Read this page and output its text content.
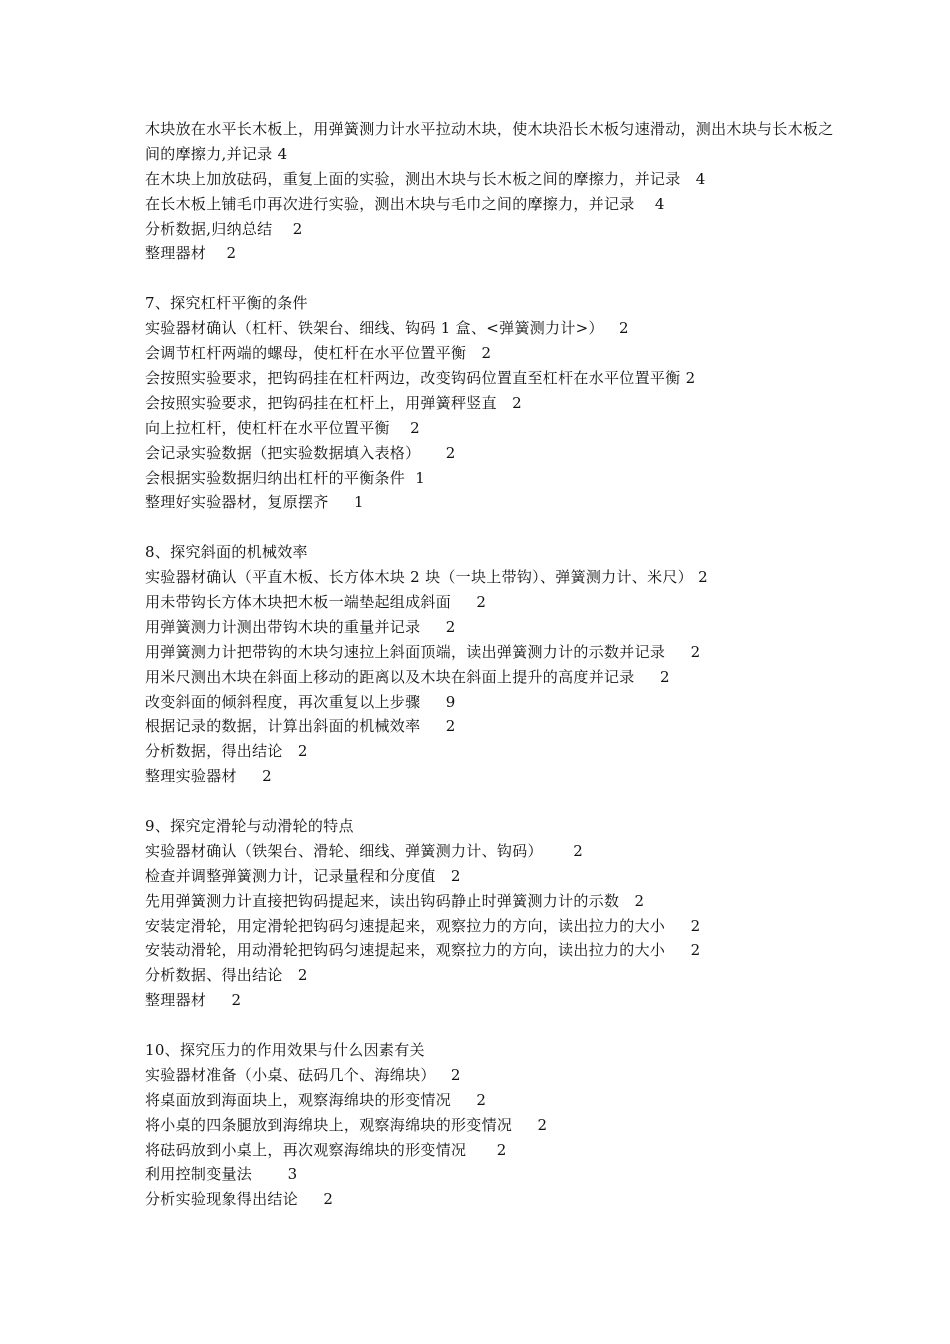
木块放在水平长木板上，用弹簧测力计水平拉动木块，使木块沿长木板匀速滑动，测出木块与长木板之间的摩擦力,并记录 4
在木块上加放砝码，重复上面的实验，测出木块与长木板之间的摩擦力，并记录 4
在长木板上铺毛巾再次进行实验，测出木块与毛巾之间的摩擦力，并记录 4
分析数据,归纳总结 2
整理器材 2
7、探究杠杆平衡的条件
实验器材确认（杠杆、铁架台、细线、钩码 1 盒、<弹簧测力计>） 2
会调节杠杆两端的螺母，使杠杆在水平位置平衡 2
会按照实验要求，把钩码挂在杠杆两边，改变钩码位置直至杠杆在水平位置平衡 2
会按照实验要求，把钩码挂在杠杆上，用弹簧秤竖直 2
向上拉杠杆，使杠杆在水平位置平衡 2
会记录实验数据（把实验数据填入表格） 2
会根据实验数据归纳出杠杆的平衡条件 1
整理好实验器材，复原摆齐 1
8、探究斜面的机械效率
实验器材确认（平直木板、长方体木块 2 块（一块上带钩）、弹簧测力计、米尺） 2
用未带钩长方体木块把木板一端垫起组成斜面 2
用弹簧测力计测出带钩木块的重量并记录 2
用弹簧测力计把带钩的木块匀速拉上斜面顶端，读出弹簧测力计的示数并记录 2
用米尺测出木块在斜面上移动的距离以及木块在斜面上提升的高度并记录 2
改变斜面的倾斜程度，再次重复以上步骤 9
根据记录的数据，计算出斜面的机械效率 2
分析数据，得出结论 2
整理实验器材 2
9、探究定滑轮与动滑轮的特点
实验器材确认（铁架台、滑轮、细线、弹簧测力计、钩码） 2
检查并调整弹簧测力计，记录量程和分度值 2
先用弹簧测力计直接把钩码提起来，读出钩码静止时弹簧测力计的示数 2
安装定滑轮，用定滑轮把钩码匀速提起来，观察拉力的方向，读出拉力的大小 2
安装动滑轮，用动滑轮把钩码匀速提起来，观察拉力的方向，读出拉力的大小 2
分析数据、得出结论 2
整理器材 2
10、探究压力的作用效果与什么因素有关
实验器材准备（小桌、砝码几个、海绵块） 2
将桌面放到海面块上，观察海绵块的形变情况 2
将小桌的四条腿放到海绵块上，观察海绵块的形变情况 2
将砝码放到小桌上，再次观察海绵块的形变情况 2
利用控制变量法 3
分析实验现象得出结论 2
